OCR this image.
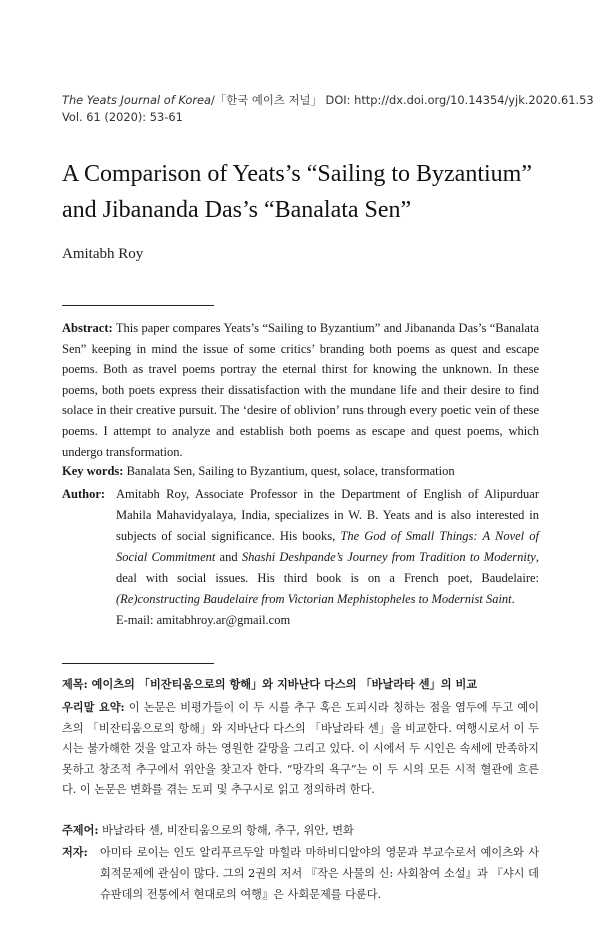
The Yeats Journal of Korea/「한국 예이츠 저널」 DOI: http://dx.doi.org/10.14354/yjk.2020.61.53
Vol. 61 (2020): 53-61
A Comparison of Yeats’s “Sailing to Byzantium”
and Jibananda Das’s “Banalata Sen”
Amitabh Roy

Abstract: This paper compares Yeats’s “Sailing to Byzantium” and Jibananda Das’s “Banalata Sen” keeping in mind the issue of some critics’ branding both poems as quest and escape poems. Both as travel poems portray the eternal thirst for knowing the unknown. In these poems, both poets express their dissatisfaction with the mundane life and their desire to find solace in their creative pursuit. The ‘desire of oblivion’ runs through every poetic vein of these poems. I attempt to analyze and establish both poems as escape and quest poems, which undergo transformation.

Key words: Banalata Sen, Sailing to Byzantium, quest, solace, transformation
Author: Amitabh Roy, Associate Professor in the Department of English of Alipurduar Mahila Mahavidyalaya, India, specializes in W. B. Yeats and is also interested in subjects of social significance. His books, The God of Small Things: A Novel of Social Commitment and Shashi Deshpande’s Journey from Tradition to Modernity, deal with social issues. His third book is on a French poet, Baudelaire: (Re)constructing Baudelaire from Victorian Mephistopheles to Modernist Saint.

E-mail: amitabhroy.ar@gmail.com

제목: 예이츠의 「비잔티움으로의 항해」와 지바난다 다스의 「바날라타 센」의 비교
우리말 요약: 이 논문은 비평가들이 이 두 시를 추구 혹은 도피시라 칭하는 점을 염두에 두고 예이츠의 「비잔티움으로의 항해」와 지바난다 다스의 「바날라타 센」을 비교한다. 여행시로서 이 두 시는 불가해한 것을 알고자 하는 영원한 갈망을 그리고 있다. 이 시에서 두 시인은 속세에 만족하지 못하고 창조적 추구에서 위안을 찾고자 한다. “망각의 욕구”는 이 두 시의 모든 시적 혈관에 흐른다. 이 논문은 변화를 겪는 도피 및 추구시로 읽고 정의하려 한다.
주제어: 바날라타 센, 비잔티움으로의 항해, 추구, 위안, 변화
저자: 아미타 로이는 인도 알리푸르두알 마힐라 마하비디알야의 영문과 부교수로서 예이츠와 사회적문제에 관심이 많다. 그의 2권의 저서 『작은 사물의 신: 사회참여 소설』과 『샤시 데슈판데의 전통에서 현대로의 여행』은 사회문제를 다룬다.
